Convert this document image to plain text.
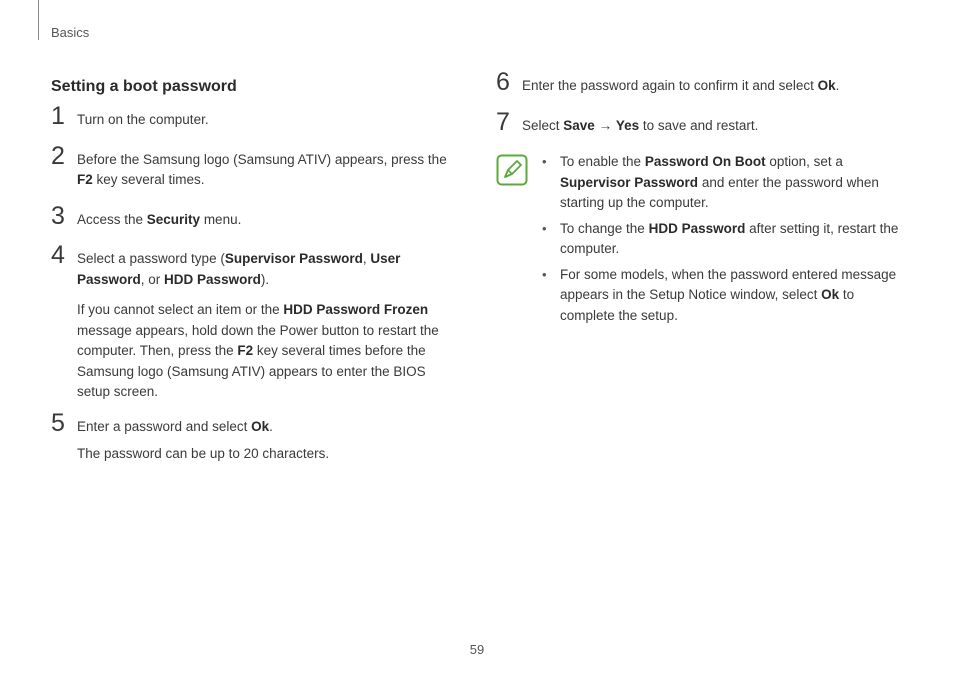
Basics
Setting a boot password
1 Turn on the computer.
2 Before the Samsung logo (Samsung ATIV) appears, press the F2 key several times.
3 Access the Security menu.
4 Select a password type (Supervisor Password, User Password, or HDD Password).
If you cannot select an item or the HDD Password Frozen message appears, hold down the Power button to restart the computer. Then, press the F2 key several times before the Samsung logo (Samsung ATIV) appears to enter the BIOS setup screen.
5 Enter a password and select Ok.
The password can be up to 20 characters.
6 Enter the password again to confirm it and select Ok.
7 Select Save → Yes to save and restart.
• To enable the Password On Boot option, set a Supervisor Password and enter the password when starting up the computer.
• To change the HDD Password after setting it, restart the computer.
• For some models, when the password entered message appears in the Setup Notice window, select Ok to complete the setup.
59
